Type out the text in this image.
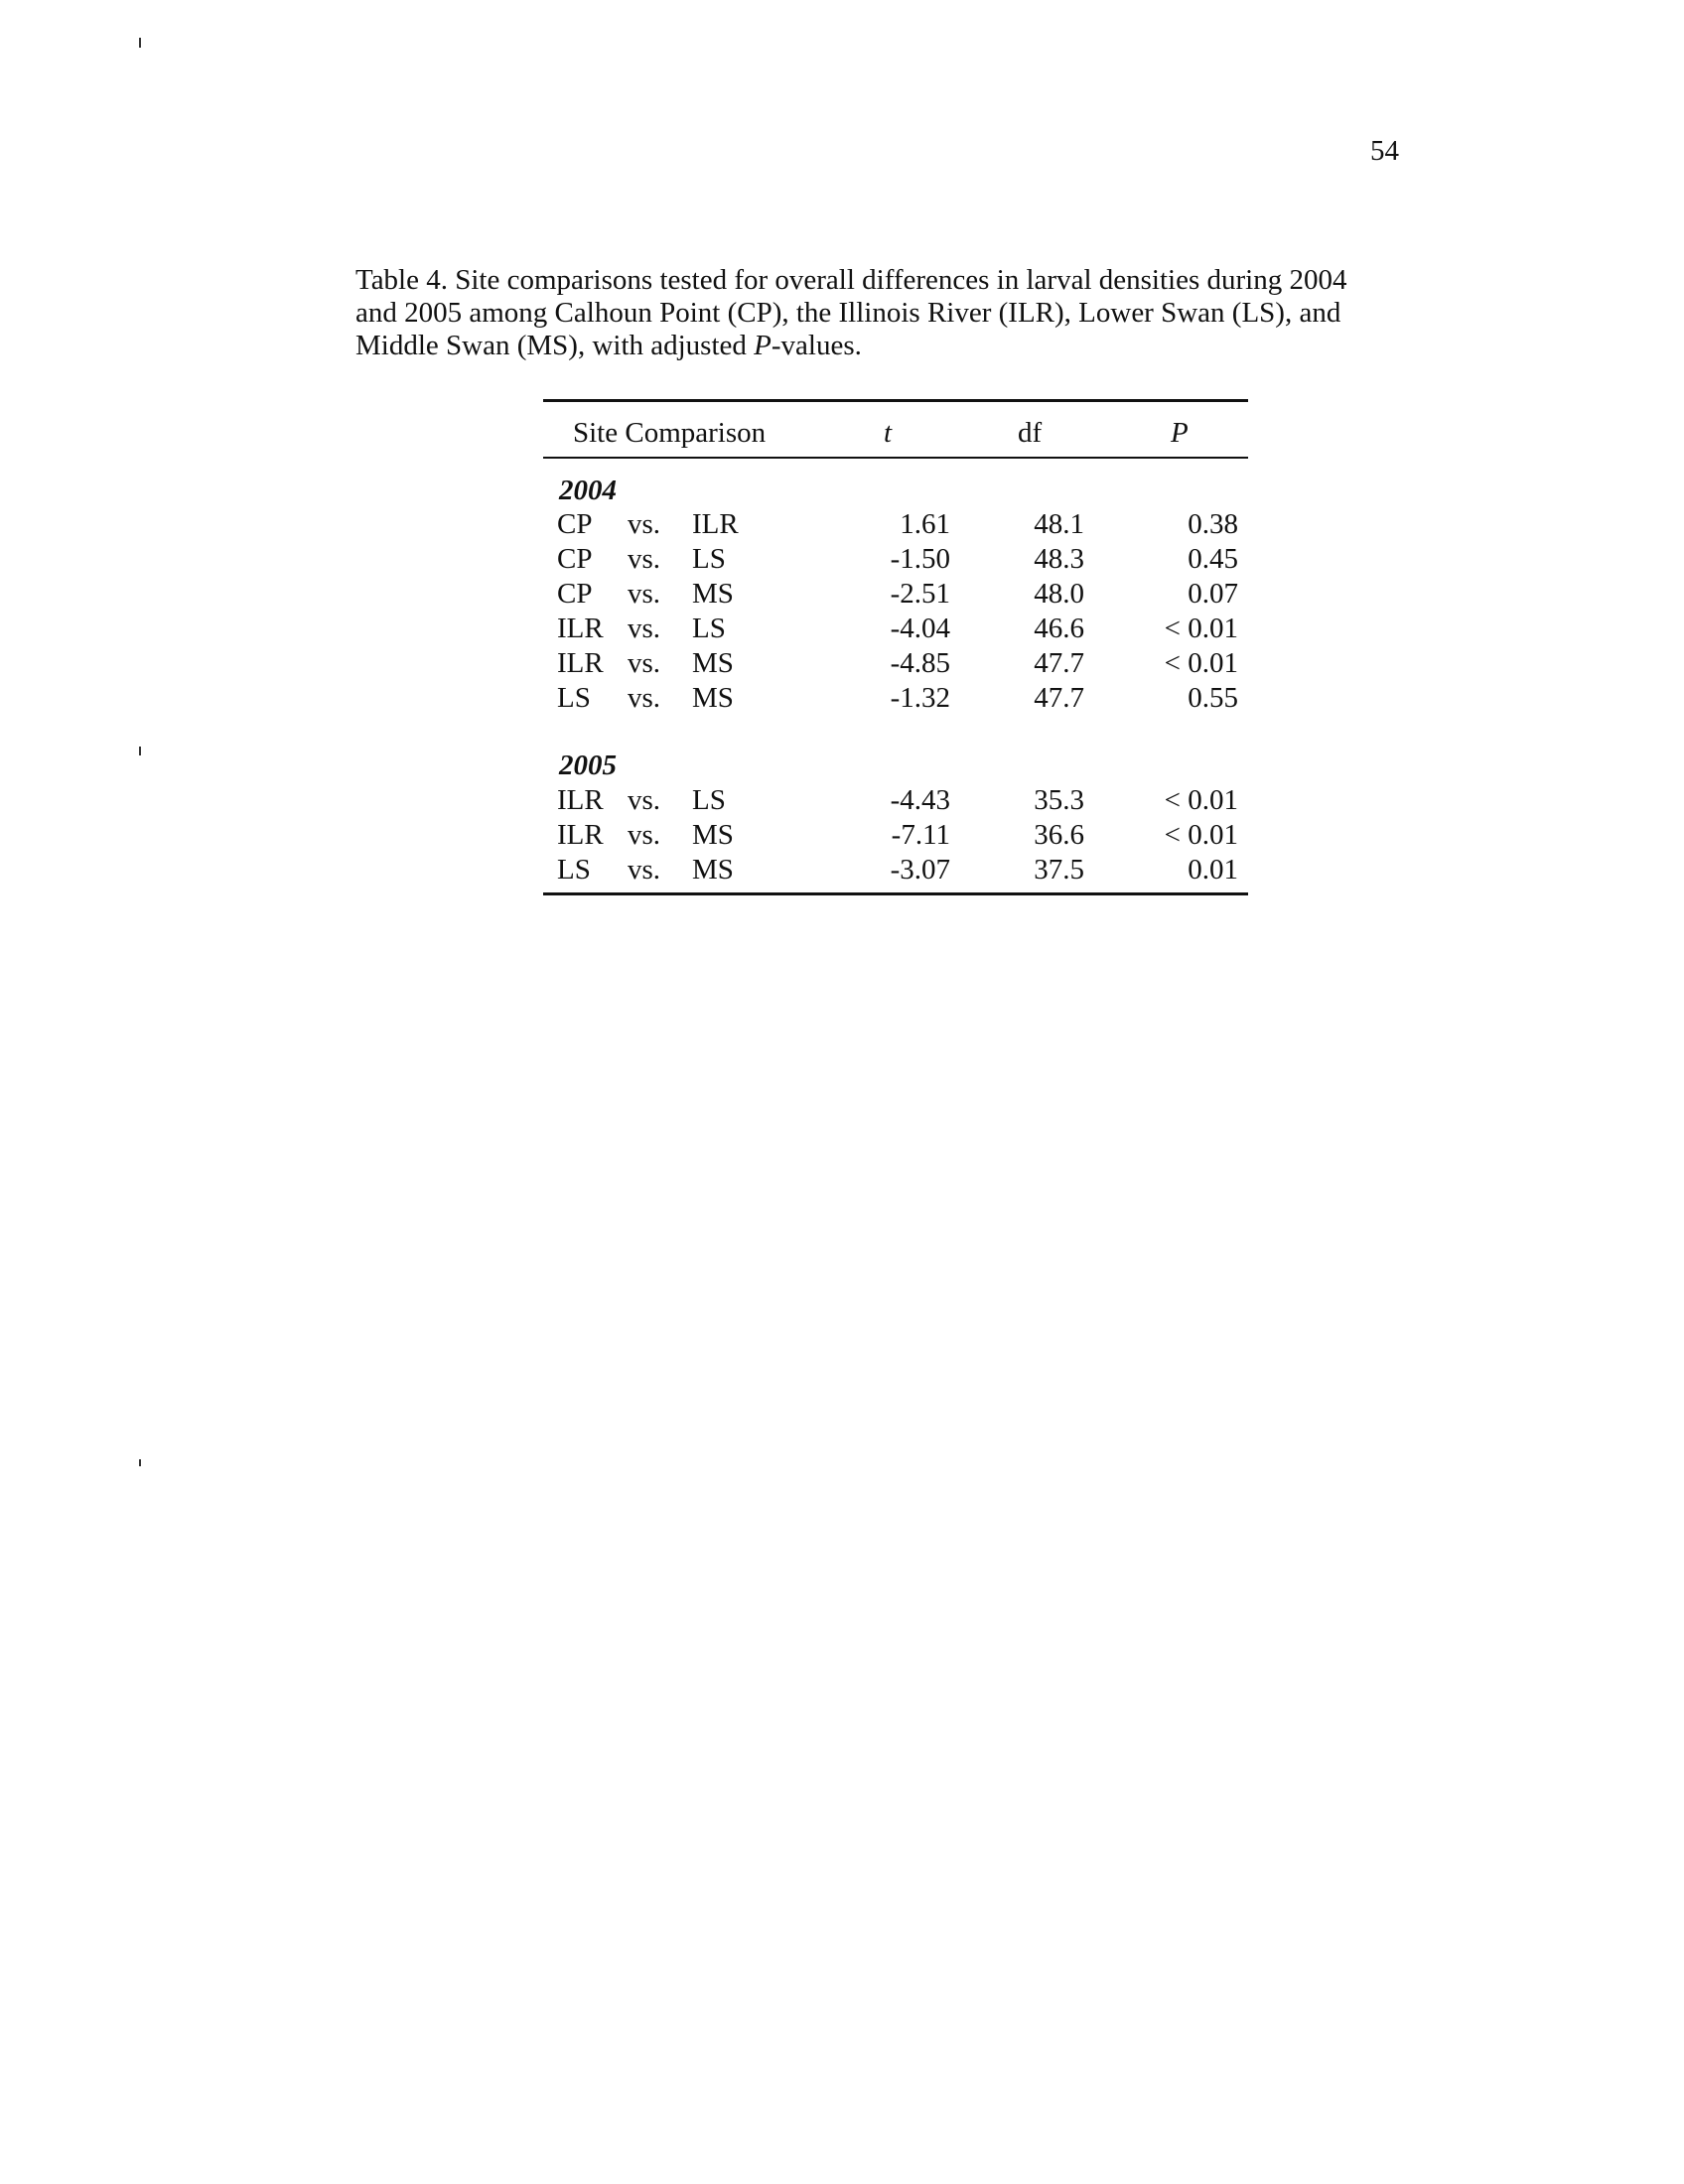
54

Table 4. Site comparisons tested for overall differences in larval densities during 2004

and 2005 among Calhoun Point (CP), the Illinois River (ILR), Lower Swan (LS), and

Middle Swan (MS), with adjusted P-values.

Site Comparison	t	df	P
2004
CP vs. ILR	1.61	48.1	0.38
CP vs. LS	-1.50	48.3	0.45
CP vs. MS	-2.51	48.0	0.07
ILR vs. LS	-4.04	46.6	< 0.01
ILR vs. MS	-4.85	47.7	< 0.01
LS vs. MS	-1.32	47.7	0.55
2005
ILR vs. LS	-4.43	35.3	< 0.01
ILR vs. MS	-7.11	36.6	< 0.01
LS vs. MS	-3.07	37.5	0.01
